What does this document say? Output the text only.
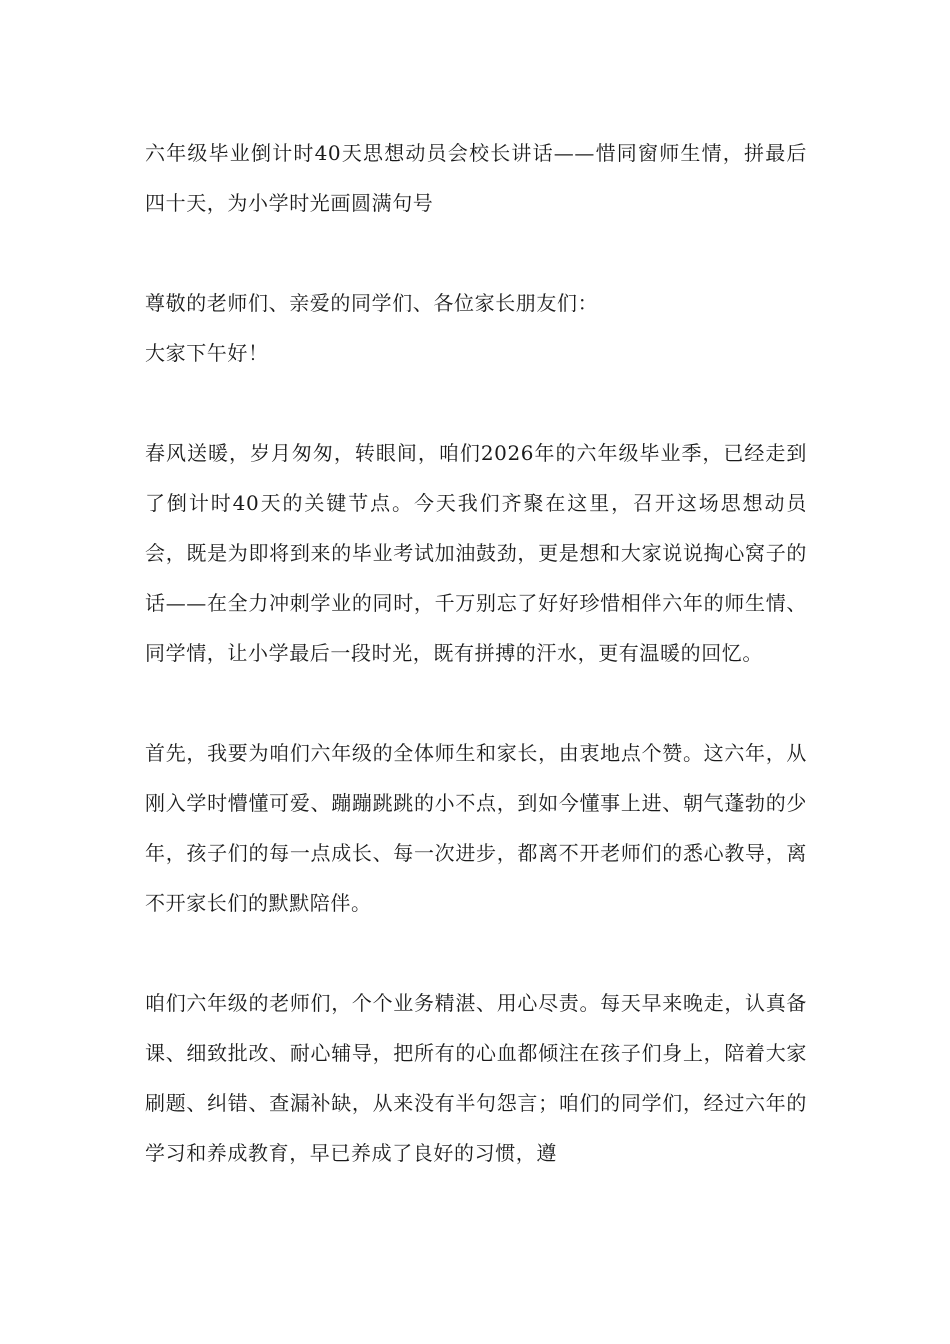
六年级毕业倒计时40天思想动员会校长讲话——惜同窗师生情，拼最后四十天，为小学时光画圆满句号

尊敬的老师们、亲爱的同学们、各位家长朋友们：

大家下午好！

春风送暖，岁月匆匆，转眼间，咱们2026年的六年级毕业季，已经走到了倒计时40天的关键节点。今天我们齐聚在这里，召开这场思想动员会，既是为即将到来的毕业考试加油鼓劲，更是想和大家说说掏心窝子的话——在全力冲刺学业的同时，千万别忘了好好珍惜相伴六年的师生情、同学情，让小学最后一段时光，既有拼搏的汗水，更有温暖的回忆。

首先，我要为咱们六年级的全体师生和家长，由衷地点个赞。这六年，从刚入学时懵懂可爱、蹦蹦跳跳的小不点，到如今懂事上进、朝气蓬勃的少年，孩子们的每一点成长、每一次进步，都离不开老师们的悉心教导，离不开家长们的默默陪伴。

咱们六年级的老师们，个个业务精湛、用心尽责。每天早来晚走，认真备课、细致批改、耐心辅导，把所有的心血都倾注在孩子们身上，陪着大家刷题、纠错、查漏补缺，从来没有半句怨言；咱们的同学们，经过六年的学习和养成教育，早已养成了良好的习惯，遵
